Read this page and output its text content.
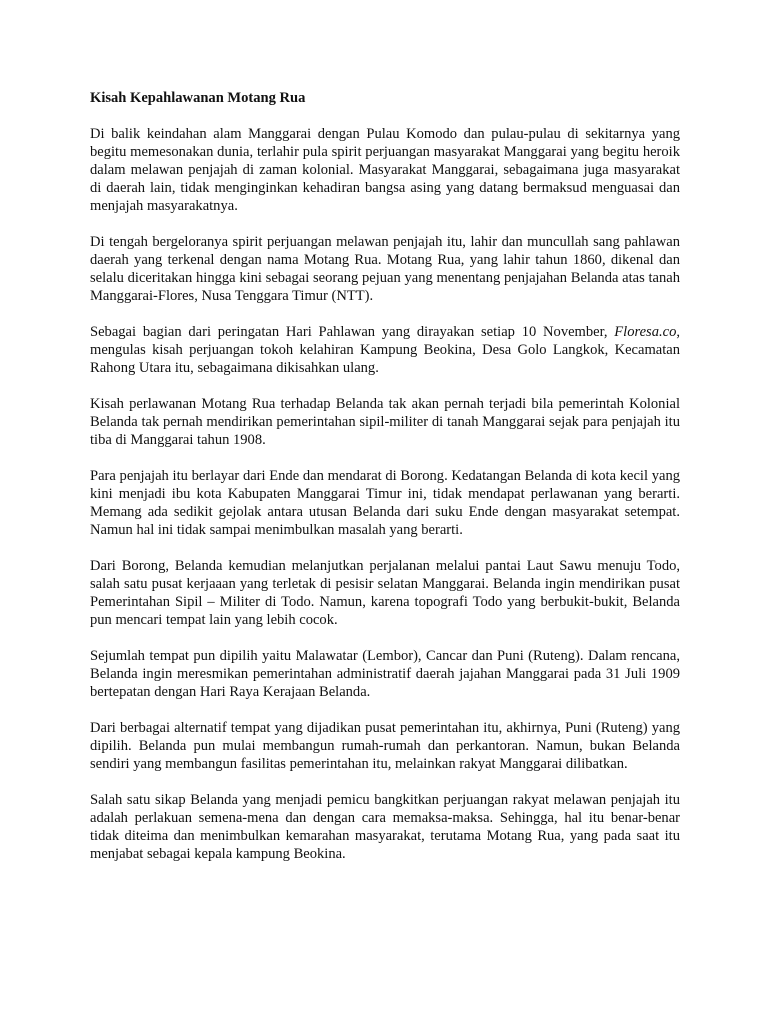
Kisah Kepahlawanan Motang Rua

Di balik keindahan alam Manggarai dengan Pulau Komodo dan pulau-pulau di sekitarnya yang begitu memesonakan dunia, terlahir pula spirit perjuangan masyarakat Manggarai yang begitu heroik dalam melawan penjajah di zaman kolonial. Masyarakat Manggarai, sebagaimana juga masyarakat di daerah lain, tidak menginginkan kehadiran bangsa asing yang datang bermaksud menguasai dan menjajah masyarakatnya.

Di tengah bergeloranya spirit perjuangan melawan penjajah itu, lahir dan muncullah sang pahlawan daerah yang terkenal dengan nama Motang Rua. Motang Rua, yang lahir tahun 1860, dikenal dan selalu diceritakan hingga kini sebagai seorang pejuan yang menentang penjajahan Belanda atas tanah Manggarai-Flores, Nusa Tenggara Timur (NTT).

Sebagai bagian dari peringatan Hari Pahlawan yang dirayakan setiap 10 November, Floresa.co, mengulas kisah perjuangan tokoh kelahiran Kampung Beokina, Desa Golo Langkok, Kecamatan Rahong Utara itu, sebagaimana dikisahkan ulang.

Kisah perlawanan Motang Rua terhadap Belanda tak akan pernah terjadi bila pemerintah Kolonial Belanda tak pernah mendirikan pemerintahan sipil-militer di tanah Manggarai sejak para penjajah itu tiba di Manggarai tahun 1908.

Para penjajah itu berlayar dari Ende dan mendarat di Borong. Kedatangan Belanda di kota kecil yang kini menjadi ibu kota Kabupaten Manggarai Timur ini, tidak mendapat perlawanan yang berarti. Memang ada sedikit gejolak antara utusan Belanda dari suku Ende dengan masyarakat setempat. Namun hal ini tidak sampai menimbulkan masalah yang berarti.

Dari Borong, Belanda kemudian melanjutkan perjalanan melalui pantai Laut Sawu menuju Todo, salah satu pusat kerjaaan yang terletak di pesisir selatan Manggarai. Belanda ingin mendirikan pusat Pemerintahan Sipil – Militer di Todo. Namun, karena topografi Todo yang berbukit-bukit, Belanda pun mencari tempat lain yang lebih cocok.

Sejumlah tempat pun dipilih yaitu Malawatar (Lembor), Cancar dan Puni (Ruteng). Dalam rencana, Belanda ingin meresmikan pemerintahan administratif daerah jajahan Manggarai pada 31 Juli 1909 bertepatan dengan Hari Raya Kerajaan Belanda.

Dari berbagai alternatif tempat yang dijadikan pusat pemerintahan itu, akhirnya, Puni (Ruteng) yang dipilih. Belanda pun mulai membangun rumah-rumah dan perkantoran. Namun, bukan Belanda sendiri yang membangun fasilitas pemerintahan itu, melainkan rakyat Manggarai dilibatkan.

Salah satu sikap Belanda yang menjadi pemicu bangkitkan perjuangan rakyat melawan penjajah itu adalah perlakuan semena-mena dan dengan cara memaksa-maksa. Sehingga, hal itu benar-benar tidak diteima dan menimbulkan kemarahan masyarakat, terutama Motang Rua, yang pada saat itu menjabat sebagai kepala kampung Beokina.
